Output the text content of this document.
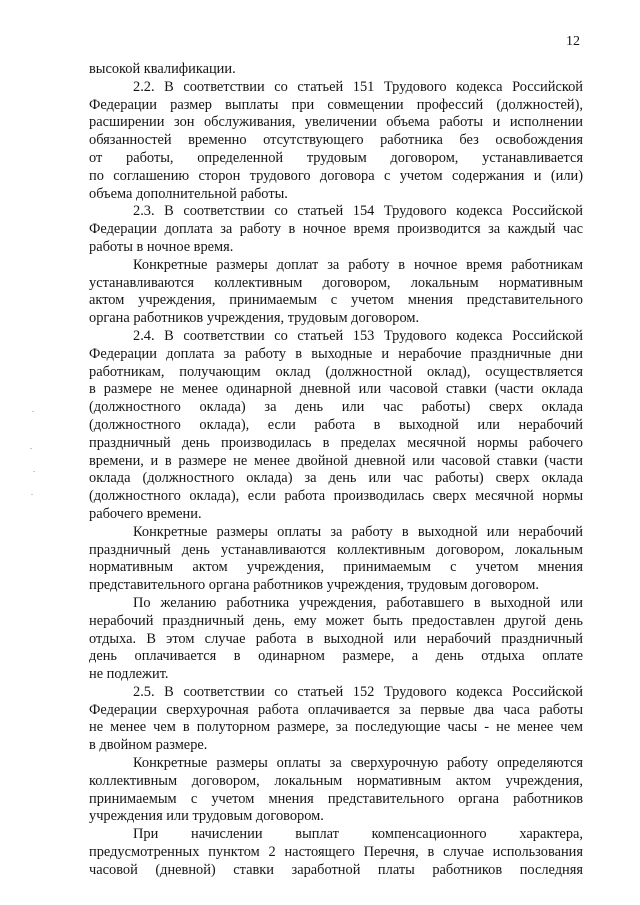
12
высокой квалификации.
2.2. В соответствии со статьей 151 Трудового кодекса Российской
Федерации размер выплаты при совмещении профессий (должностей),
расширении зон обслуживания, увеличении объема работы и исполнении
обязанностей временно отсутствующего работника без освобождения
от работы, определенной трудовым договором, устанавливается
по соглашению сторон трудового договора с учетом содержания и (или)
объема дополнительной работы.
2.3. В соответствии со статьей 154 Трудового кодекса Российской
Федерации доплата за работу в ночное время производится за каждый час
работы в ночное время.
Конкретные размеры доплат за работу в ночное время работникам
устанавливаются коллективным договором, локальным нормативным
актом учреждения, принимаемым с учетом мнения представительного
органа работников учреждения, трудовым договором.
2.4. В соответствии со статьей 153 Трудового кодекса Российской
Федерации доплата за работу в выходные и нерабочие праздничные дни
работникам, получающим оклад (должностной оклад), осуществляется
в размере не менее одинарной дневной или часовой ставки (части оклада
(должностного оклада) за день или час работы) сверх оклада
(должностного оклада), если работа в выходной или нерабочий
праздничный день производилась в пределах месячной нормы рабочего
времени, и в размере не менее двойной дневной или часовой ставки (части
оклада (должностного оклада) за день или час работы) сверх оклада
(должностного оклада), если работа производилась сверх месячной нормы
рабочего времени.
Конкретные размеры оплаты за работу в выходной или нерабочий
праздничный день устанавливаются коллективным договором, локальным
нормативным актом учреждения, принимаемым с учетом мнения
представительного органа работников учреждения, трудовым договором.
По желанию работника учреждения, работавшего в выходной или
нерабочий праздничный день, ему может быть предоставлен другой день
отдыха. В этом случае работа в выходной или нерабочий праздничный
день оплачивается в одинарном размере, а день отдыха оплате
не подлежит.
2.5. В соответствии со статьей 152 Трудового кодекса Российской
Федерации сверхурочная работа оплачивается за первые два часа работы
не менее чем в полуторном размере, за последующие часы - не менее чем
в двойном размере.
Конкретные размеры оплаты за сверхурочную работу определяются
коллективным договором, локальным нормативным актом учреждения,
принимаемым с учетом мнения представительного органа работников
учреждения или трудовым договором.
При начислении выплат компенсационного характера,
предусмотренных пунктом 2 настоящего Перечня, в случае использования
часовой (дневной) ставки заработной платы работников последняя
